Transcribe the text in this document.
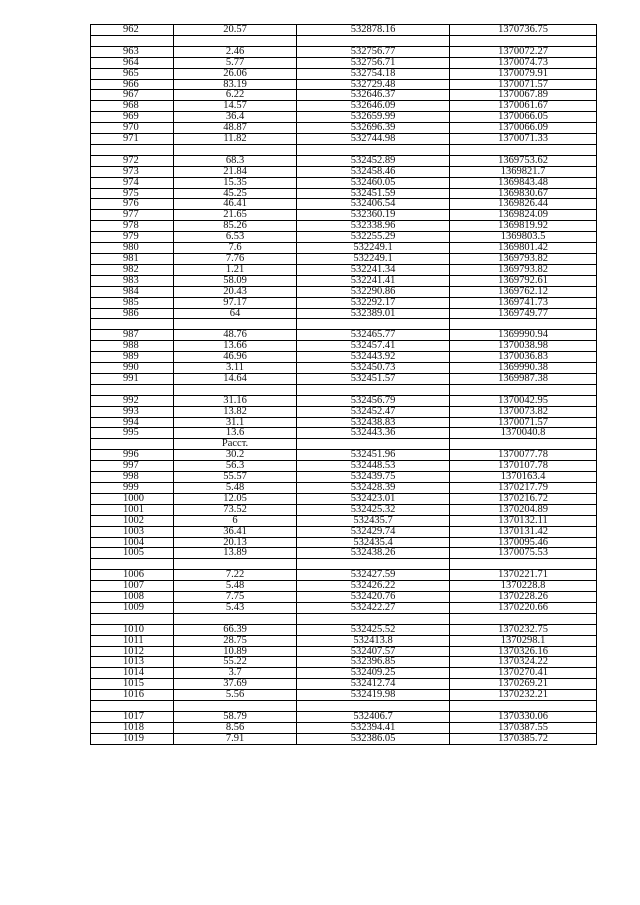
962	20.57	532878.16	1370736.75

963	2.46	532756.77	1370072.27
964	5.77	532756.71	1370074.73
965	26.06	532754.18	1370079.91
966	83.19	532729.48	1370071.57
967	6.22	532646.37	1370067.89
968	14.57	532646.09	1370061.67
969	36.4	532659.99	1370066.05
970	48.87	532696.39	1370066.09
971	11.82	532744.98	1370071.33

972	68.3	532452.89	1369753.62
973	21.84	532458.46	1369821.7
974	15.35	532460.05	1369843.48
975	45.25	532451.59	1369830.67
976	46.41	532406.54	1369826.44
977	21.65	532360.19	1369824.09
978	85.26	532338.96	1369819.92
979	6.53	532255.29	1369803.5
980	7.6	532249.1	1369801.42
981	7.76	532249.1	1369793.82
982	1.21	532241.34	1369793.82
983	58.09	532241.41	1369792.61
984	20.43	532290.86	1369762.12
985	97.17	532292.17	1369741.73
986	64	532389.01	1369749.77

987	48.76	532465.77	1369990.94
988	13.66	532457.41	1370038.98
989	46.96	532443.92	1370036.83
990	3.11	532450.73	1369990.38
991	14.64	532451.57	1369987.38

992	31.16	532456.79	1370042.95
993	13.82	532452.47	1370073.82
994	31.1	532438.83	1370071.57
995	13.6	532443.36	1370040.8
	Расст.		
996	30.2	532451.96	1370077.78
997	56.3	532448.53	1370107.78
998	55.57	532439.75	1370163.4
999	5.48	532428.39	1370217.79
1000	12.05	532423.01	1370216.72
1001	73.52	532425.32	1370204.89
1002	6	532435.7	1370132.11
1003	36.41	532429.74	1370131.42
1004	20.13	532435.4	1370095.46
1005	13.89	532438.26	1370075.53

1006	7.22	532427.59	1370221.71
1007	5.48	532426.22	1370228.8
1008	7.75	532420.76	1370228.26
1009	5.43	532422.27	1370220.66

1010	66.39	532425.52	1370232.75
1011	28.75	532413.8	1370298.1
1012	10.89	532407.57	1370326.16
1013	55.22	532396.85	1370324.22
1014	3.7	532409.25	1370270.41
1015	37.69	532412.74	1370269.21
1016	5.56	532419.98	1370232.21

1017	58.79	532406.7	1370330.06
1018	8.56	532394.41	1370387.55
1019	7.91	532386.05	1370385.72
